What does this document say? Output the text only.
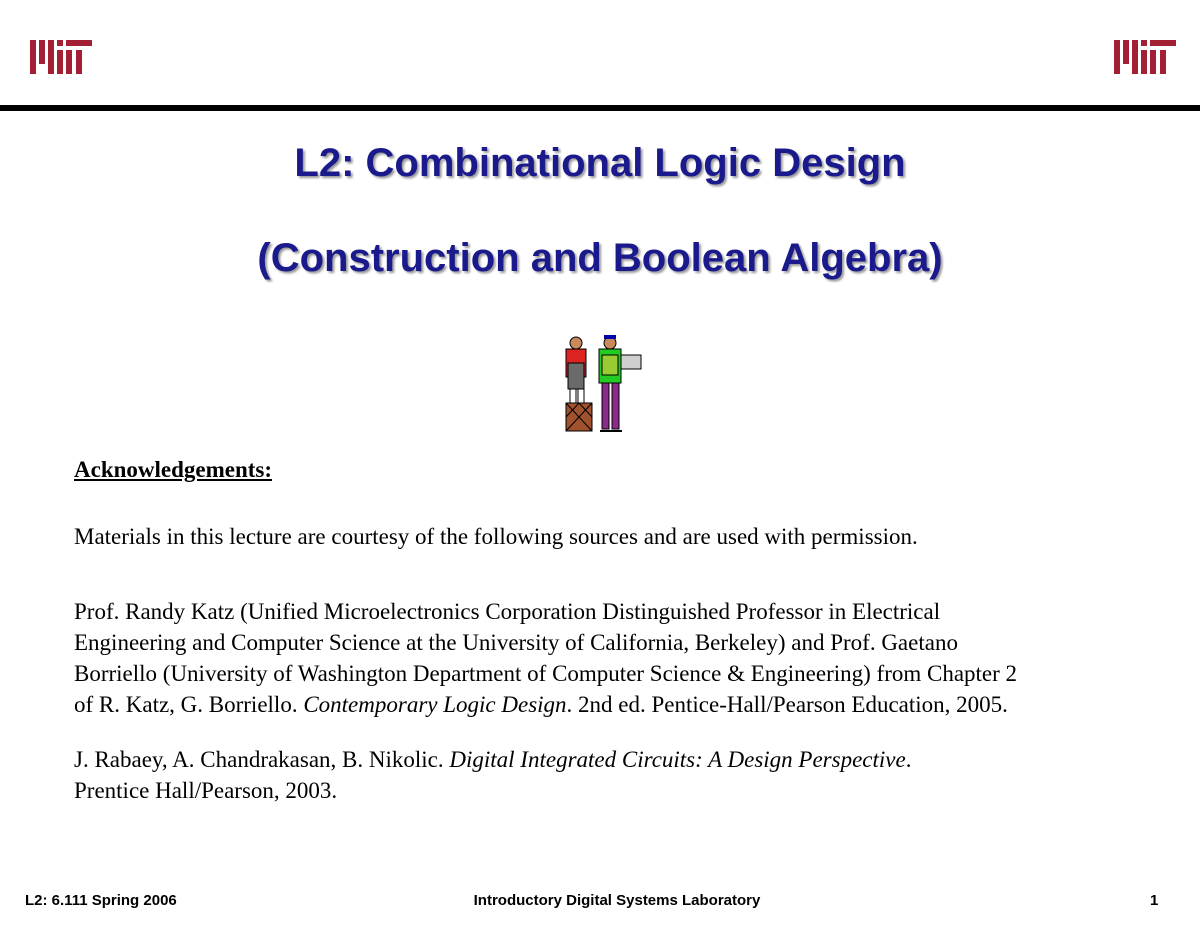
L2: Combinational Logic Design
(Construction and Boolean Algebra)

Acknowledgements:

Materials in this lecture are courtesy of the following sources and are used with permission.

Prof. Randy Katz (Unified Microelectronics Corporation Distinguished Professor in Electrical
Engineering and Computer Science at the University of California, Berkeley) and Prof. Gaetano
Borriello (University of Washington Department of Computer Science & Engineering) from Chapter 2
of R. Katz, G. Borriello. Contemporary Logic Design. 2nd ed. Pentice-Hall/Pearson Education, 2005.

J. Rabaey, A. Chandrakasan, B. Nikolic. Digital Integrated Circuits: A Design Perspective.
Prentice Hall/Pearson, 2003.

L2: 6.111 Spring 2006	Introductory Digital Systems Laboratory	1
